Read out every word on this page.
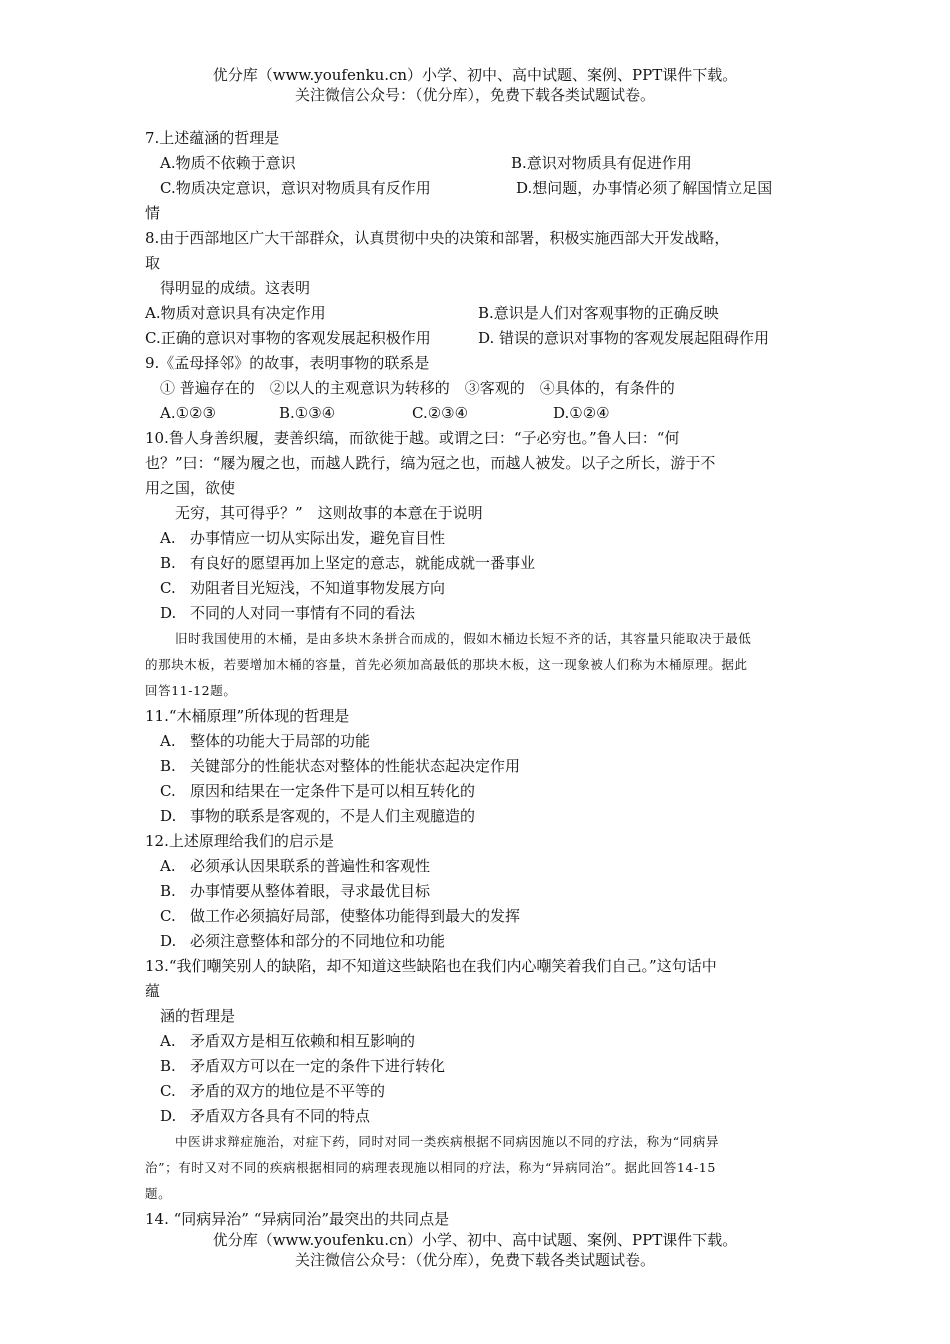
优分库（www.youfenku.cn）小学、初中、高中试题、案例、PPT课件下载。
关注微信公众号：（优分库），免费下载各类试题试卷。
7.上述蕴涵的哲理是
A.物质不依赖于意识	B.意识对物质具有促进作用
C.物质决定意识，意识对物质具有反作用	D.想问题，办事情必须了解国情立足国
情
8.由于西部地区广大干部群众，认真贯彻中央的决策和部署，积极实施西部大开发战略，
取
得明显的成绩。这表明
A.物质对意识具有决定作用	B.意识是人们对客观事物的正确反映
C.正确的意识对事物的客观发展起积极作用	D. 错误的意识对事物的客观发展起阻碍作用
9.《孟母择邻》的故事，表明事物的联系是
① 普遍存在的　②以人的主观意识为转移的　③客观的　④具体的，有条件的
A.①②③	B.①③④	C.②③④	D.①②④
10.鲁人身善织履，妻善织缟，而欲徙于越。或谓之曰：“子必穷也。”鲁人曰：“何
也？”曰：“屦为履之也，而越人跣行，缟为冠之也，而越人被发。以子之所长，游于不
用之国，欲使
无穷，其可得乎？”　这则故事的本意在于说明
A. 办事情应一切从实际出发，避免盲目性
B. 有良好的愿望再加上坚定的意志，就能成就一番事业
C. 劝阻者目光短浅，不知道事物发展方向
D. 不同的人对同一事情有不同的看法
旧时我国使用的木桶，是由多块木条拼合而成的，假如木桶边长短不齐的话，其容量只能取决于最低
的那块木板，若要增加木桶的容量，首先必须加高最低的那块木板，这一现象被人们称为木桶原理。据此
回答11-12题。
11.“木桶原理”所体现的哲理是
A. 整体的功能大于局部的功能
B. 关键部分的性能状态对整体的性能状态起决定作用
C. 原因和结果在一定条件下是可以相互转化的
D. 事物的联系是客观的，不是人们主观臆造的
12.上述原理给我们的启示是
A. 必须承认因果联系的普遍性和客观性
B. 办事情要从整体着眼，寻求最优目标
C. 做工作必须搞好局部，使整体功能得到最大的发挥
D. 必须注意整体和部分的不同地位和功能
13.“我们嘲笑别人的缺陷，却不知道这些缺陷也在我们内心嘲笑着我们自己。”这句话中
蕴
涵的哲理是
A. 矛盾双方是相互依赖和相互影响的
B. 矛盾双方可以在一定的条件下进行转化
C. 矛盾的双方的地位是不平等的
D. 矛盾双方各具有不同的特点
中医讲求辩症施治，对症下药，同时对同一类疾病根据不同病因施以不同的疗法，称为“同病异
治”；有时又对不同的疾病根据相同的病理表现施以相同的疗法，称为“异病同治”。据此回答14-15
题。
14. “同病异治” “异病同治”最突出的共同点是
优分库（www.youfenku.cn）小学、初中、高中试题、案例、PPT课件下载。
关注微信公众号：（优分库），免费下载各类试题试卷。
